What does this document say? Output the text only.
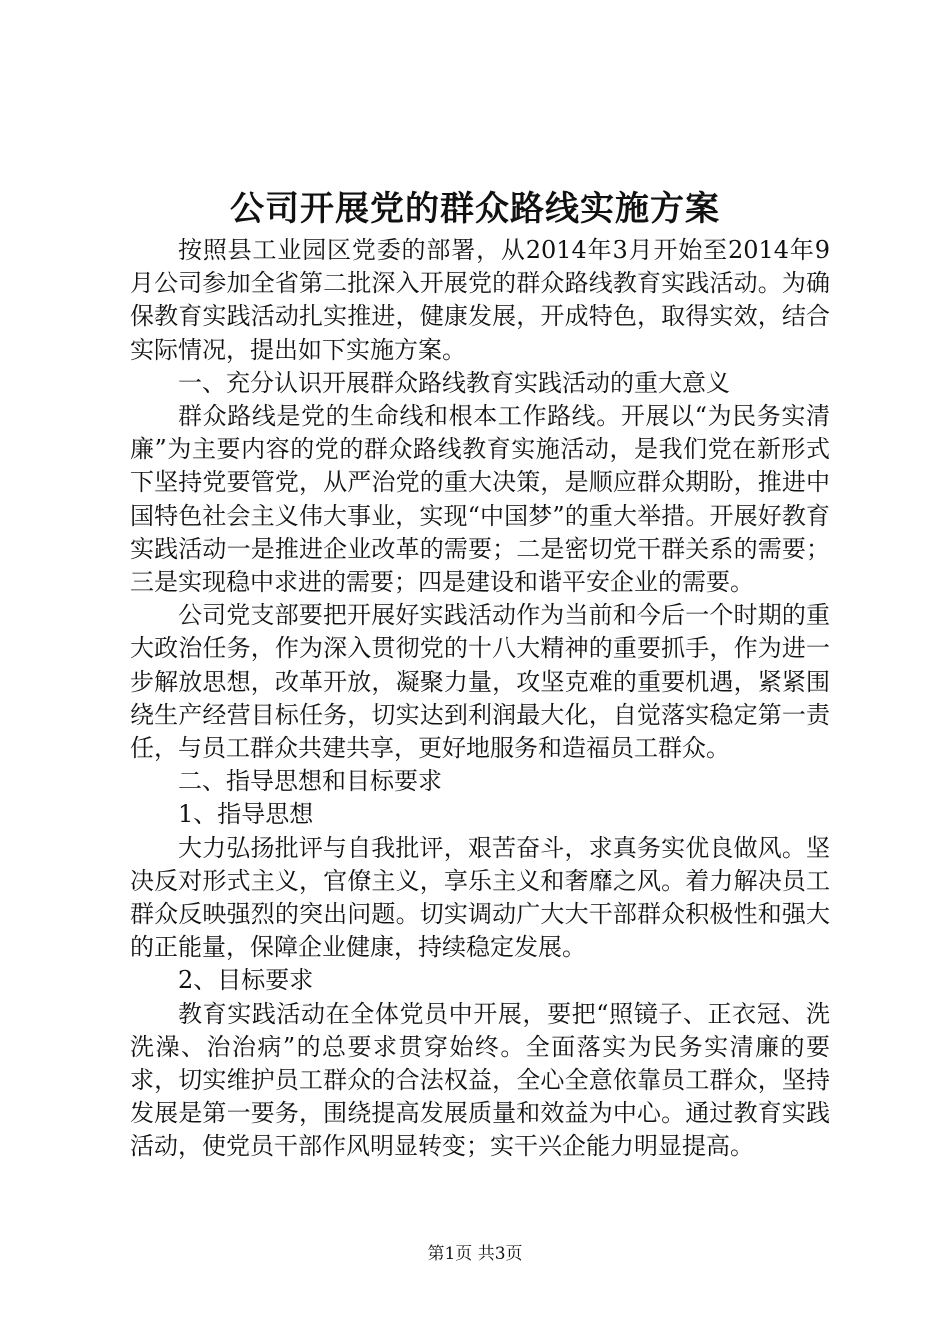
公司开展党的群众路线实施方案

按照县工业园区党委的部署，从2014年3月开始至2014年9月公司参加全省第二批深入开展党的群众路线教育实践活动。为确保教育实践活动扎实推进，健康发展，开成特色，取得实效，结合实际情况，提出如下实施方案。

一、充分认识开展群众路线教育实践活动的重大意义

群众路线是党的生命线和根本工作路线。开展以“为民务实清廉”为主要内容的党的群众路线教育实施活动，是我们党在新形式下坚持党要管党，从严治党的重大决策，是顺应群众期盼，推进中国特色社会主义伟大事业，实现“中国梦”的重大举措。开展好教育实践活动一是推进企业改革的需要；二是密切党干群关系的需要；三是实现稳中求进的需要；四是建设和谐平安企业的需要。

公司党支部要把开展好实践活动作为当前和今后一个时期的重大政治任务，作为深入贯彻党的十八大精神的重要抓手，作为进一步解放思想，改革开放，凝聚力量，攻坚克难的重要机遇，紧紧围绕生产经营目标任务，切实达到利润最大化，自觉落实稳定第一责任，与员工群众共建共享，更好地服务和造福员工群众。

二、指导思想和目标要求

1、指导思想

大力弘扬批评与自我批评，艰苦奋斗，求真务实优良做风。坚决反对形式主义，官僚主义，享乐主义和奢靡之风。着力解决员工群众反映强烈的突出问题。切实调动广大大干部群众积极性和强大的正能量，保障企业健康，持续稳定发展。

2、目标要求

教育实践活动在全体党员中开展，要把“照镜子、正衣冠、洗洗澡、治治病”的总要求贯穿始终。全面落实为民务实清廉的要求，切实维护员工群众的合法权益，全心全意依靠员工群众，坚持发展是第一要务，围绕提高发展质量和效益为中心。通过教育实践活动，使党员干部作风明显转变；实干兴企能力明显提高。

第1页 共3页
